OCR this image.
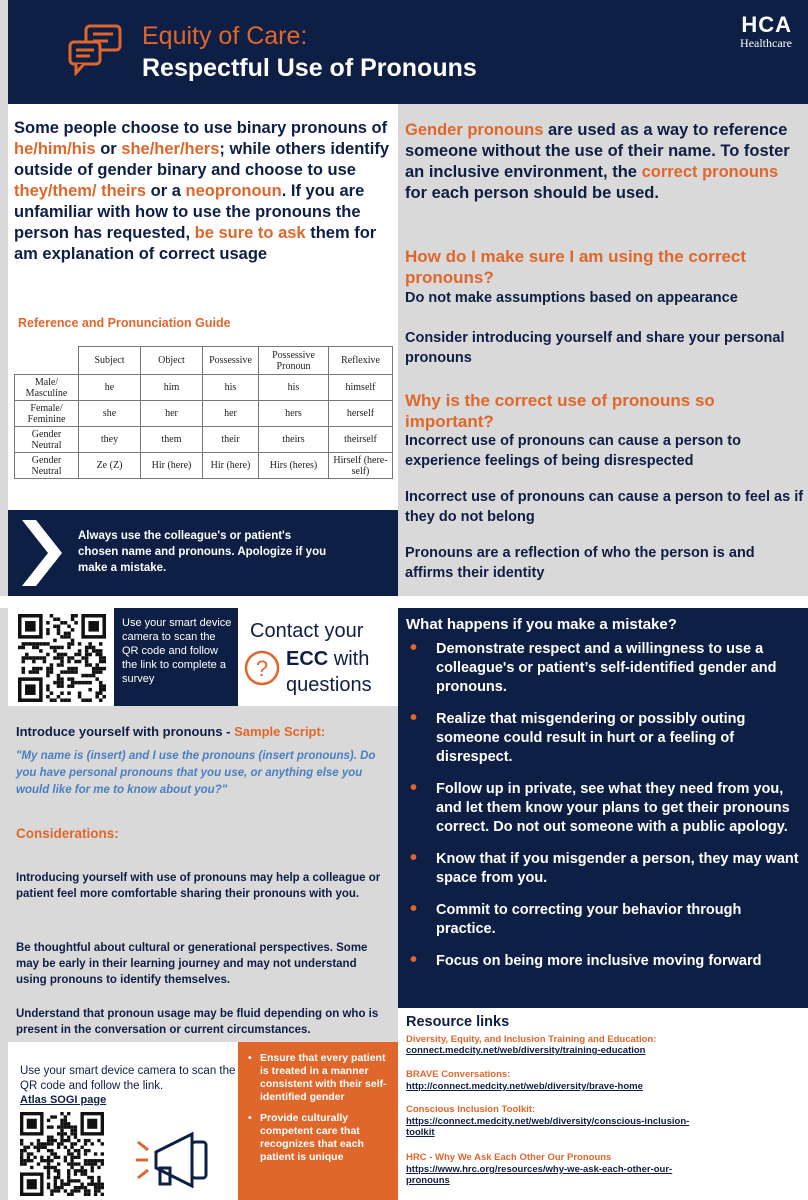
Equity of Care:
Respectful Use of Pronouns
HCA
Healthcare
Some people choose to use binary pronouns of he/him/his or she/her/hers; while others identify outside of gender binary and choose to use they/them/ theirs or a neopronoun. If you are unfamiliar with how to use the pronouns the person has requested, be sure to ask them for am explanation of correct usage
Reference and Pronunciation Guide
	Subject	Object	Possessive	Possessive Pronoun	Reflexive
Male/ Masculine	he	him	his	his	himself
Female/ Feminine	she	her	her	hers	herself
Gender Neutral	they	them	their	theirs	theirself
Gender Neutral	Ze (Z)	Hir (here)	Hir (here)	Hirs (heres)	Hirself (here-self)
Always use the colleague's or patient's chosen name and pronouns. Apologize if you make a mistake.
Gender pronouns are used as a way to reference someone without the use of their name. To foster an inclusive environment, the correct pronouns for each person should be used.
How do I make sure I am using the correct pronouns?
Do not make assumptions based on appearance
Consider introducing yourself and share your personal pronouns
Why is the correct use of pronouns so important?
Incorrect use of pronouns can cause a person to experience feelings of being disrespected
Incorrect use of pronouns can cause a person to feel as if they do not belong
Pronouns are a reflection of who the person is and affirms their identity
Use your smart device camera to scan the QR code and follow the link to complete a survey
Contact your
? ECC with
questions
Introduce yourself with pronouns - Sample Script:
"My name is (insert) and I use the pronouns (insert pronouns). Do you have personal pronouns that you use, or anything else you would like for me to know about you?"
Considerations:
Introducing yourself with use of pronouns may help a colleague or patient feel more comfortable sharing their pronouns with you.
Be thoughtful about cultural or generational perspectives. Some may be early in their learning journey and may not understand using pronouns to identify themselves.
Understand that pronoun usage may be fluid depending on who is present in the conversation or current circumstances.
Use your smart device camera to scan the QR code and follow the link.
Atlas SOGI page
• Ensure that every patient is treated in a manner consistent with their self-identified gender
• Provide culturally competent care that recognizes that each patient is unique
What happens if you make a mistake?
• Demonstrate respect and a willingness to use a colleague's or patient’s self-identified gender and pronouns.
• Realize that misgendering or possibly outing someone could result in hurt or a feeling of disrespect.
• Follow up in private, see what they need from you, and let them know your plans to get their pronouns correct. Do not out someone with a public apology.
• Know that if you misgender a person, they may want space from you.
• Commit to correcting your behavior through practice.
• Focus on being more inclusive moving forward
Resource links
Diversity, Equity, and Inclusion Training and Education:
connect.medcity.net/web/diversity/training-education
BRAVE Conversations:
http://connect.medcity.net/web/diversity/brave-home
Conscious Inclusion Toolkit:
https://connect.medcity.net/web/diversity/conscious-inclusion-toolkit
HRC - Why We Ask Each Other Our Pronouns
https://www.hrc.org/resources/why-we-ask-each-other-our-pronouns
